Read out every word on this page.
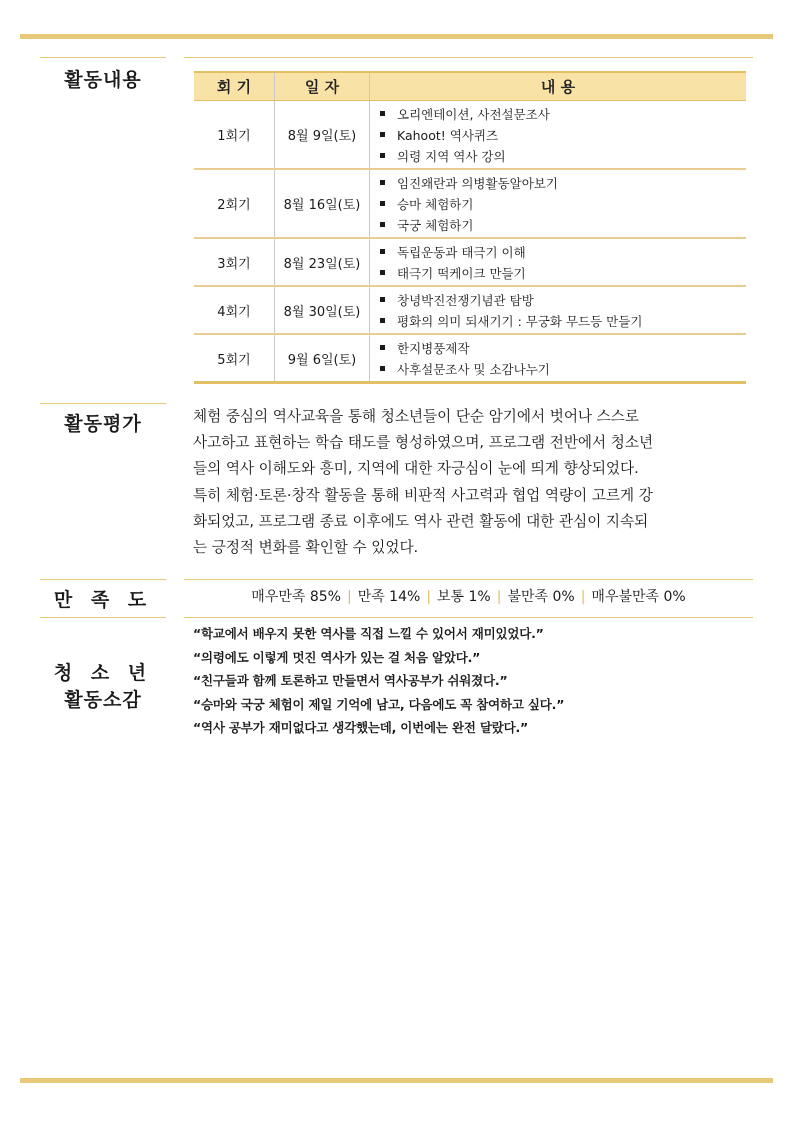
활동내용	회 기	일 자	내 용
1회기	8월 9일(토)	오리엔테이션, 사전설문조사
Kahoot! 역사퀴즈
의령 지역 역사 강의

2회기	8월 16일(토)	임진왜란과 의병활동알아보기
승마 체험하기
국궁 체험하기

3회기	8월 23일(토)	독립운동과 태극기 이해
태극기 떡케이크 만들기

4회기	8월 30일(토)	창녕박진전쟁기념관 탐방
평화의 의미 되새기기 : 무궁화 무드등 만들기

5회기	9월 6일(토)	한지병풍제작
사후설문조사 및 소감나누기
활동평가	체험 중심의 역사교육을 통해 청소년들이 단순 암기에서 벗어나 스스로
사고하고 표현하는 학습 태도를 형성하였으며, 프로그램 전반에서 청소년
들의 역사 이해도와 흥미, 지역에 대한 자긍심이 눈에 띄게 향상되었다.
특히 체험·토론·창작 활동을 통해 비판적 사고력과 협업 역량이 고르게 강
화되었고, 프로그램 종료 이후에도 역사 관련 활동에 대한 관심이 지속되
는 긍정적 변화를 확인할 수 있었다.
만 족 도	매우만족 85% | 만족 14% | 보통 1% | 불만족 0% | 매우불만족 0%
청 소 년
활동소감
“학교에서 배우지 못한 역사를 직접 느낄 수 있어서 재미있었다.”
“의령에도 이렇게 멋진 역사가 있는 걸 처음 알았다.”
“친구들과 함께 토론하고 만들면서 역사공부가 쉬워졌다.”
“승마와 국궁 체험이 제일 기억에 남고, 다음에도 꼭 참여하고 싶다.”
“역사 공부가 재미없다고 생각했는데, 이번에는 완전 달랐다.”
